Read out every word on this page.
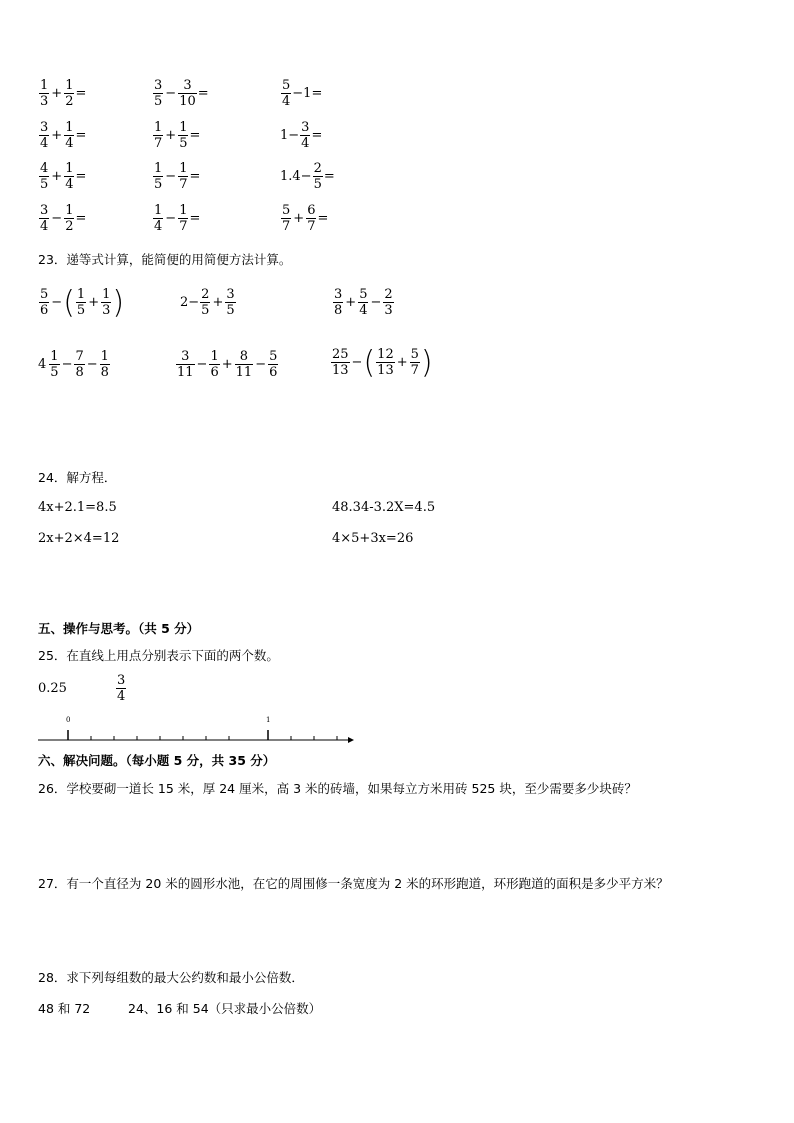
$\frac{1}{3} + \frac{1}{2}$ =	$\frac{3}{5} - \frac{3}{10}$ =	$\frac{5}{4} -1=$
$\frac{3}{4} + \frac{1}{4}$ =	$\frac{1}{7} + \frac{1}{5}$ =	$1- \frac{3}{4}$ =
$\frac{4}{5} + \frac{1}{4}$ =	$\frac{1}{5} - \frac{1}{7}$ =	$1.4- \frac{2}{5}$ =
$\frac{3}{4} - \frac{1}{2}$ =	$\frac{1}{4} - \frac{1}{7}$ =	$\frac{5}{7} + \frac{6}{7}$ =
23．递等式计算，能简便的用简便方法计算。
$\frac{5}{6}$ − ( $\frac{1}{5} + \frac{1}{3}$ )	$2- \frac{2}{5} + \frac{3}{5}$	$\frac{3}{8} + \frac{5}{4} - \frac{2}{3}$
$4 \frac{1}{5} - \frac{7}{8} - \frac{1}{8}$	$\frac{3}{11} - \frac{1}{6} + \frac{8}{11} - \frac{5}{6}$	$\frac{25}{13}$ − ( $\frac{12}{13} + \frac{5}{7}$ )
24．解方程．
4x+2.1=8.5	48.34-3.2X=4.5
2x+2×4=12	4×5+3x=26
五、操作与思考。（共 5 分）
25．在直线上用点分别表示下面的两个数。
0.25	$\frac{3}{4}$
0	1
六、解决问题。（每小题 5 分，共 35 分）
26．学校要砌一道长 15 米，厚 24 厘米，高 3 米的砖墙，如果每立方米用砖 525 块，至少需要多少块砖？
27．有一个直径为 20 米的圆形水池，在它的周围修一条宽度为 2 米的环形跑道，环形跑道的面积是多少平方米？
28．求下列每组数的最大公约数和最小公倍数．
48 和 72	24、16 和 54（只求最小公倍数）
